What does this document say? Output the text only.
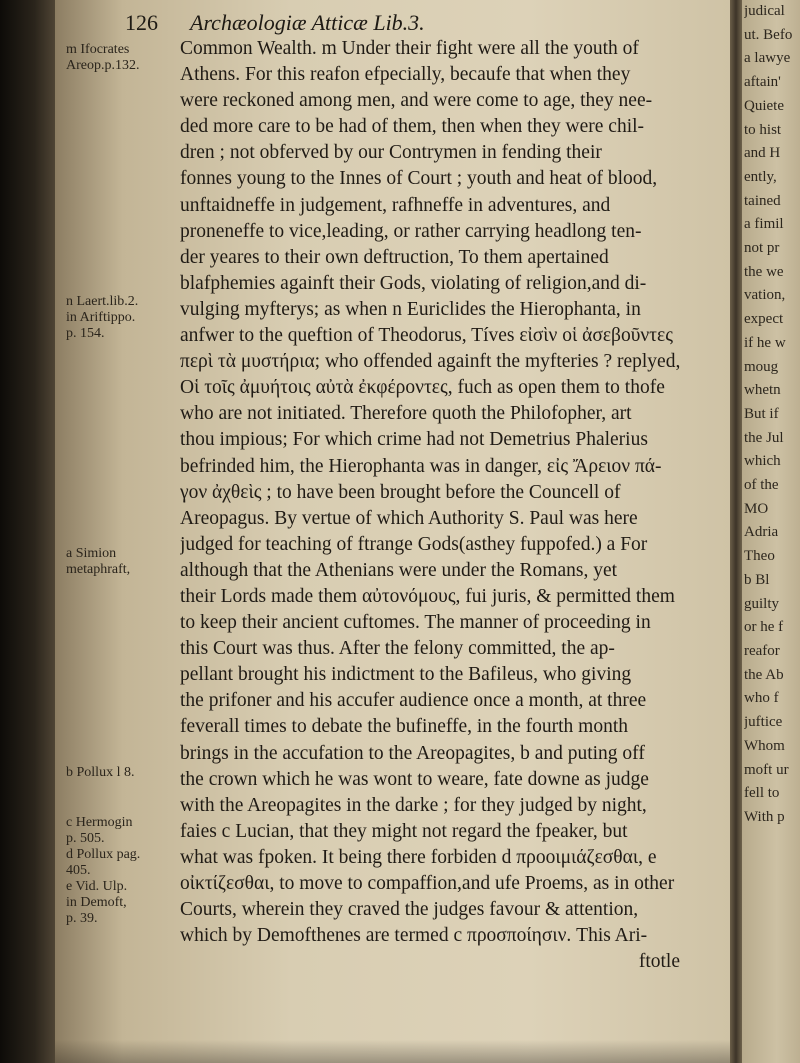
126 Archæologiæ Atticæ Lib.3.
m Ifocrates
Areop.p.132.
n Laert.lib.2.
in Ariftippo.
p. 154.
a Simion
metaphraft,
b Pollux l 8.
c Hermogin
p. 505.
d Pollux pag.
405.
e Vid. Ulp.
in Demoft,
p. 39.
Common Wealth. m Under their fight were all the youth of
Athens. For this reafon efpecially, becaufe that when they
were reckoned among men, and were come to age, they nee-
ded more care to be had of them, then when they were chil-
dren ; not obferved by our Contrymen in fending their
fonnes young to the Innes of Court ; youth and heat of blood,
unftaidneffe in judgement, rafhneffe in adventures, and
proneneffe to vice,leading, or rather carrying headlong ten-
der yeares to their own deftruction, To them apertained
blafphemies againft their Gods, violating of religion,and di-
vulging myfterys; as when n Euriclides the Hierophanta, in
anfwer to the queftion of Theodorus, Tíves εἰσὶν οἱ ἀσεβοῦντες
περὶ τὰ μυστήρια; who offended againft the myfteries ? replyed,
Οἱ τοῖς ἀμυήτοις αὐτὰ ἐκφέροντες, fuch as open them to thofe
who are not initiated. Therefore quoth the Philofopher, art
thou impious; For which crime had not Demetrius Phalerius
befrinded him, the Hierophanta was in danger, εἰς Ἄρειον πά-
γον ἀχθεὶς ; to have been brought before the Councell of
Areopagus. By vertue of which Authority S. Paul was here
judged for teaching of ftrange Gods(asthey fuppofed.) a For
although that the Athenians were under the Romans, yet
their Lords made them αὐτονόμους, fui juris, & permitted them
to keep their ancient cuftomes. The manner of proceeding in
this Court was thus. After the felony committed, the ap-
pellant brought his indictment to the Bafileus, who giving
the prifoner and his accufer audience once a month, at three
feverall times to debate the bufineffe, in the fourth month
brings in the accufation to the Areopagites, b and puting off
the crown which he was wont to weare, fate downe as judge
with the Areopagites in the darke ; for they judged by night,
faies c Lucian, that they might not regard the fpeaker, but
what was fpoken. It being there forbiden d προοιμιάζεσθαι, e
οἰκτίζεσθαι, to move to compaffion,and ufe Proems, as in other
Courts, wherein they craved the judges favour & attention,
which by Demofthenes are termed c προσποίησιν. This Ari-
ftotle
judical
ut. Befo
a lawye
aftain'
Quiete
to hist
and H
ently,
tained
a fimil
not pr
the we
vation,
expect
if he w
moug
whetn
But if
the Jul
which
of the
MΟ
Adria
Theo
b Bl
guilty
or he f
reafor
the Ab
who f
juftice
Whom
moft ur
fell to
With p
